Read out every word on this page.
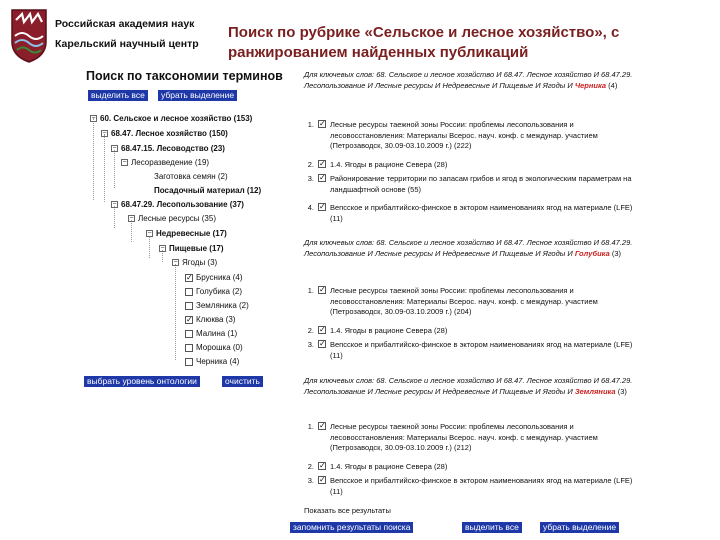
Российская академия наук
Карельский научный центр
Поиск по рубрике «Сельское и лесное хозяйство», с
ранжированием найденных публикаций
Поиск по таксономии терминов
выделить все	убрать выделение
− 60. Сельское и лесное хозяйство (153)
− 68.47. Лесное хозяйство (150)
− 68.47.15. Лесоводство (23)
− Лесоразведение (19)
Заготовка семян (2)
Посадочный материал (12)
− 68.47.29. Лесопользование (37)
− Лесные ресурсы (35)
− Недревесные (17)
− Пищевые (17)
− Ягоды (3)
✓ Брусника (4)
Голубика (2)
Земляника (2)
✓ Клюква (3)
Малина (1)
Морошка (0)
Черника (4)
выбрать уровень онтологии	очистить
Для ключевых слов: 68. Сельское и лесное хозяйство И 68.47. Лесное хозяйство И 68.47.29. Лесопользование И Лесные ресурсы И Недревесные И Пищевые И Ягоды И Черника (4)
1. ✓ Лесные ресурсы таежной зоны России: проблемы лесопользования и лесовосстановления: Материалы Всерос. науч. конф. с междунар. участием (Петрозаводск, 30.09-03.10.2009 г.) (222)
2. ✓ 1.4. Ягоды в рационе Севера (28)
3. ✓ Районирование территории по запасам грибов и ягод в экологическим параметрам на ландшафтной основе (55)
4. ✓ Вепсское и прибалтийско-финское в эктором наименованиях ягод на материале (LFE) (11)
Для ключевых слов: 68. Сельское и лесное хозяйство И 68.47. Лесное хозяйство И 68.47.29. Лесопользование И Лесные ресурсы И Недревесные И Пищевые И Ягоды И Голубика (3)
1. ✓ Лесные ресурсы таежной зоны России: проблемы лесопользования и лесовосстановления: Материалы Всерос. науч. конф. с междунар. участием (Петрозаводск, 30.09-03.10.2009 г.) (204)
2. ✓ 1.4. Ягоды в рационе Севера (28)
3. ✓ Вепсское и прибалтийско-финское в эктором наименованиях ягод на материале (LFE) (11)
Для ключевых слов: 68. Сельское и лесное хозяйство И 68.47. Лесное хозяйство И 68.47.29. Лесопользование И Лесные ресурсы И Недревесные И Пищевые И Ягоды И Земляника (3)
1. ✓ Лесные ресурсы таежной зоны России: проблемы лесопользования и лесовосстановления: Материалы Всерос. науч. конф. с междунар. участием (Петрозаводск, 30.09-03.10.2009 г.) (212)
2. ✓ 1.4. Ягоды в рационе Севера (28)
3. ✓ Вепсское и прибалтийско-финское в эктором наименованиях ягод на материале (LFE) (11)
Показать все результаты
запомнить результаты поиска	выделить все	убрать выделение
